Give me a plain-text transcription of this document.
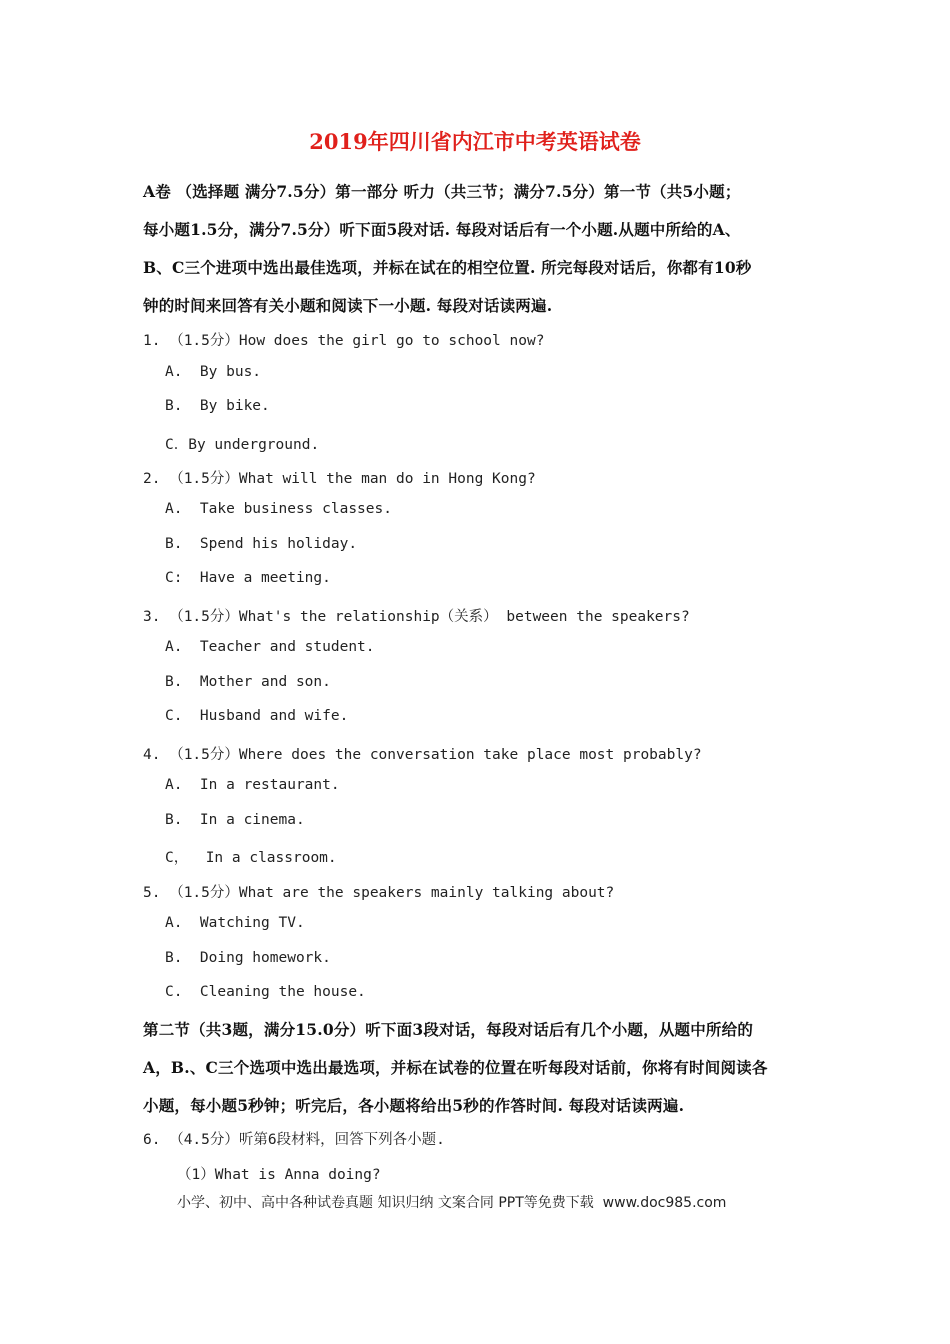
2019年四川省内江市中考英语试卷
A卷 （选择题 满分7.5分）第一部分 听力（共三节；满分7.5分）第一节（共5小题；
每小题1.5分，满分7.5分）听下面5段对话. 每段对话后有一个小题.从题中所给的A、
B、C三个进项中选出最佳选项，并标在试在的相空位置. 所完每段对话后，你都有10秒
钟的时间来回答有关小题和阅读下一小题. 每段对话读两遍.
1. （1.5分）How does the girl go to school now?
A.  By bus.
B.  By bike.
C．By underground.
2. （1.5分）What will the man do in Hong Kong?
A.  Take business classes.
B.  Spend his holiday.
C:  Have a meeting.
3. （1.5分）What's the relationship（关系） between the speakers?
A.  Teacher and student.
B.  Mother and son.
C.  Husband and wife.
4. （1.5分）Where does the conversation take place most probably?
A.  In a restaurant.
B.  In a cinema.
C，  In a classroom.
5. （1.5分）What are the speakers mainly talking about?
A.  Watching TV.
B.  Doing homework.
C.  Cleaning the house.
第二节（共3题，满分15.0分）听下面3段对话，每段对话后有几个小题，从题中所给的
A，B.、C三个选项中选出最选项，并标在试卷的位置在听每段对话前，你将有时间阅读各
小题，每小题5秒钟；听完后，各小题将给出5秒的作答时间. 每段对话读两遍.
6. （4.5分）听第6段材料，回答下列各小题.
（1）What is Anna doing?
小学、初中、高中各种试卷真题 知识归纳 文案合同 PPT等免费下载  www.doc985.com
